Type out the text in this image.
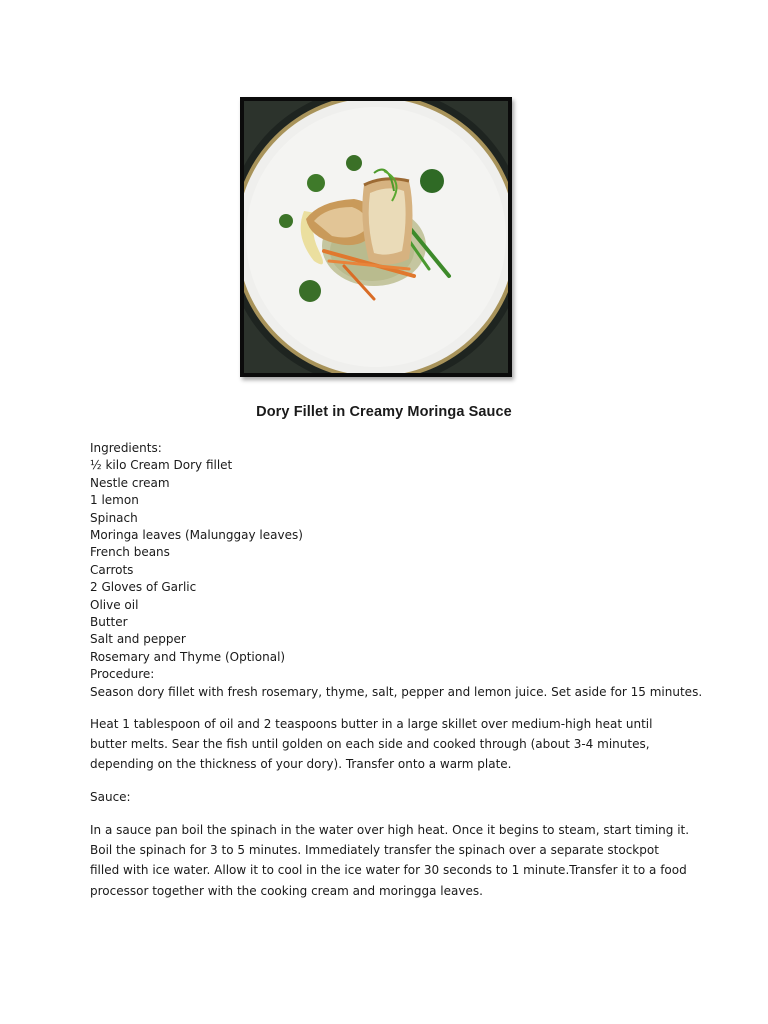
Dory Fillet in Creamy Moringa Sauce
Ingredients:
½ kilo Cream Dory fillet
Nestle cream
1 lemon
Spinach
Moringa leaves (Malunggay leaves)
French beans
Carrots
2 Gloves of Garlic
Olive oil
Butter
Salt and pepper
Rosemary and Thyme (Optional)
Procedure:
Season dory fillet with fresh rosemary, thyme, salt, pepper and lemon juice. Set aside for 15 minutes.
Heat 1 tablespoon of oil and 2 teaspoons butter in a large skillet over medium-high heat until butter melts. Sear the fish until golden on each side and cooked through (about 3-4 minutes, depending on the thickness of your dory). Transfer onto a warm plate.
Sauce:
In a sauce pan boil the spinach in the water over high heat. Once it begins to steam, start timing it. Boil the spinach for 3 to 5 minutes. Immediately transfer the spinach over a separate stockpot filled with ice water. Allow it to cool in the ice water for 30 seconds to 1 minute.Transfer it to a food processor together with the cooking cream and moringga leaves.
